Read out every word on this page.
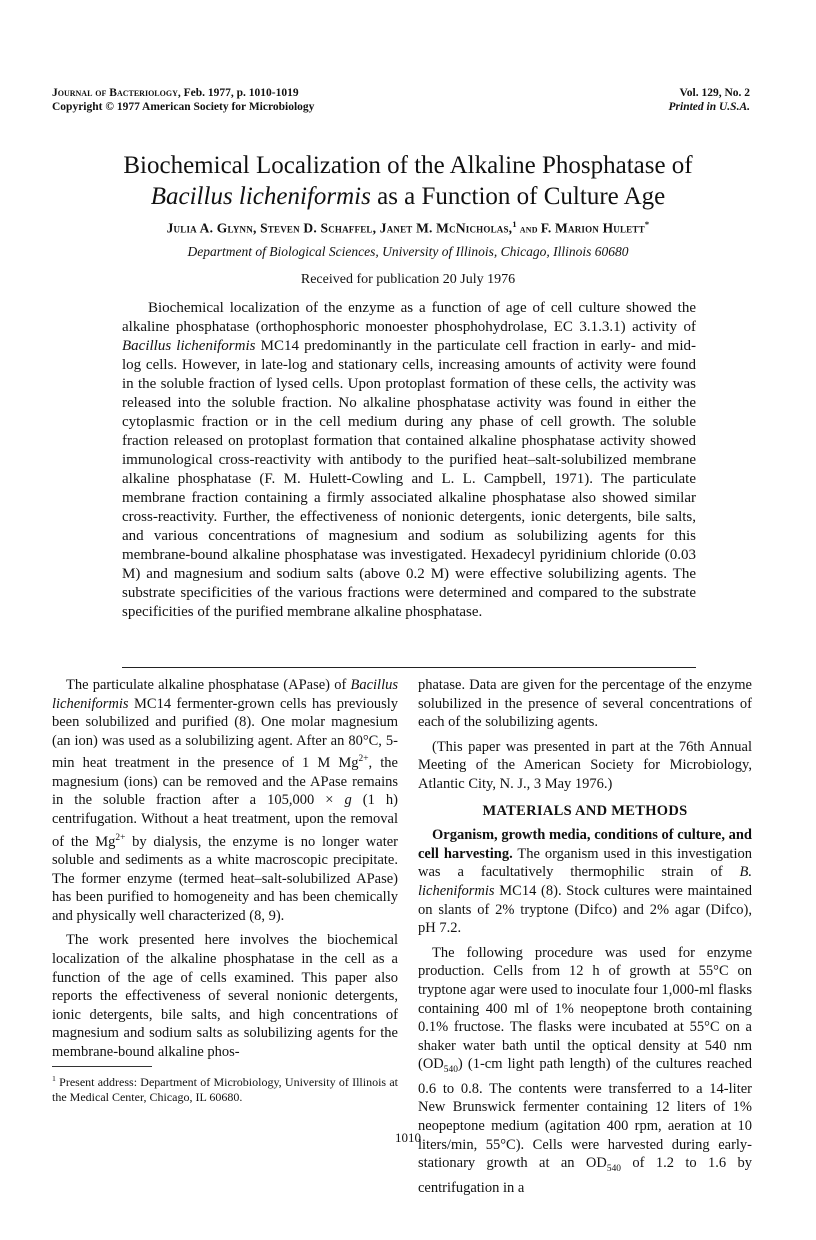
Journal of Bacteriology, Feb. 1977, p. 1010-1019
Copyright © 1977 American Society for Microbiology
Vol. 129, No. 2
Printed in U.S.A.
Biochemical Localization of the Alkaline Phosphatase of
Bacillus licheniformis as a Function of Culture Age
Julia A. Glynn, Steven D. Schaffel, Janet M. McNicholas,$^1$ and F. Marion Hulett*
Department of Biological Sciences, University of Illinois, Chicago, Illinois 60680
Received for publication 20 July 1976

Biochemical localization of the enzyme as a function of age of cell culture showed the alkaline phosphatase (orthophosphoric monoester phosphohydrolase, EC 3.1.3.1) activity of Bacillus licheniformis MC14 predominantly in the particulate cell fraction in early- and mid-log cells. However, in late-log and stationary cells, increasing amounts of activity were found in the soluble fraction of lysed cells. Upon protoplast formation of these cells, the activity was released into the soluble fraction. No alkaline phosphatase activity was found in either the cytoplasmic fraction or in the cell medium during any phase of cell growth. The soluble fraction released on protoplast formation that contained alkaline phosphatase activity showed immunological cross-reactivity with antibody to the purified heat–salt-solubilized membrane alkaline phosphatase (F. M. Hulett-Cowling and L. L. Campbell, 1971). The particulate membrane fraction containing a firmly associated alkaline phosphatase also showed similar cross-reactivity. Further, the effectiveness of nonionic detergents, ionic detergents, bile salts, and various concentrations of magnesium and sodium as solubilizing agents for this membrane-bound alkaline phosphatase was investigated. Hexadecyl pyridinium chloride (0.03 M) and magnesium and sodium salts (above 0.2 M) were effective solubilizing agents. The substrate specificities of the various fractions were determined and compared to the substrate specificities of the purified membrane alkaline phosphatase.

The particulate alkaline phosphatase (APase) of Bacillus licheniformis MC14 fermenter-grown cells has previously been solubilized and purified (8). One molar magnesium (an ion) was used as a solubilizing agent. After an 80°C, 5-min heat treatment in the presence of 1 M $Mg^{2+}$, the magnesium (ions) can be removed and the APase remains in the soluble fraction after a 105,000 × g (1 h) centrifugation. Without a heat treatment, upon the removal of the $Mg^{2+}$ by dialysis, the enzyme is no longer water soluble and sediments as a white macroscopic precipitate. The former enzyme (termed heat–salt-solubilized APase) has been purified to homogeneity and has been chemically and physically well characterized (8, 9).

The work presented here involves the biochemical localization of the alkaline phosphatase in the cell as a function of the age of cells examined. This paper also reports the effectiveness of several nonionic detergents, ionic detergents, bile salts, and high concentrations of magnesium and sodium salts as solubilizing agents for the membrane-bound alkaline phos-

$^1$ Present address: Department of Microbiology, University of Illinois at the Medical Center, Chicago, IL 60680.

phatase. Data are given for the percentage of the enzyme solubilized in the presence of several concentrations of each of the solubilizing agents.

(This paper was presented in part at the 76th Annual Meeting of the American Society for Microbiology, Atlantic City, N. J., 3 May 1976.)

MATERIALS AND METHODS

Organism, growth media, conditions of culture, and cell harvesting. The organism used in this investigation was a facultatively thermophilic strain of B. licheniformis MC14 (8). Stock cultures were maintained on slants of 2% tryptone (Difco) and 2% agar (Difco), pH 7.2.

The following procedure was used for enzyme production. Cells from 12 h of growth at 55°C on tryptone agar were used to inoculate four 1,000-ml flasks containing 400 ml of 1% neopeptone broth containing 0.1% fructose. The flasks were incubated at 55°C on a shaker water bath until the optical density at 540 nm $(OD_{540})$ (1-cm light path length) of the cultures reached 0.6 to 0.8. The contents were transferred to a 14-liter New Brunswick fermenter containing 12 liters of 1% neopeptone medium (agitation 400 rpm, aeration at 10 liters/min, 55°C). Cells were harvested during early-stationary growth at an $OD_{540}$ of 1.2 to 1.6 by centrifugation in a

1010
